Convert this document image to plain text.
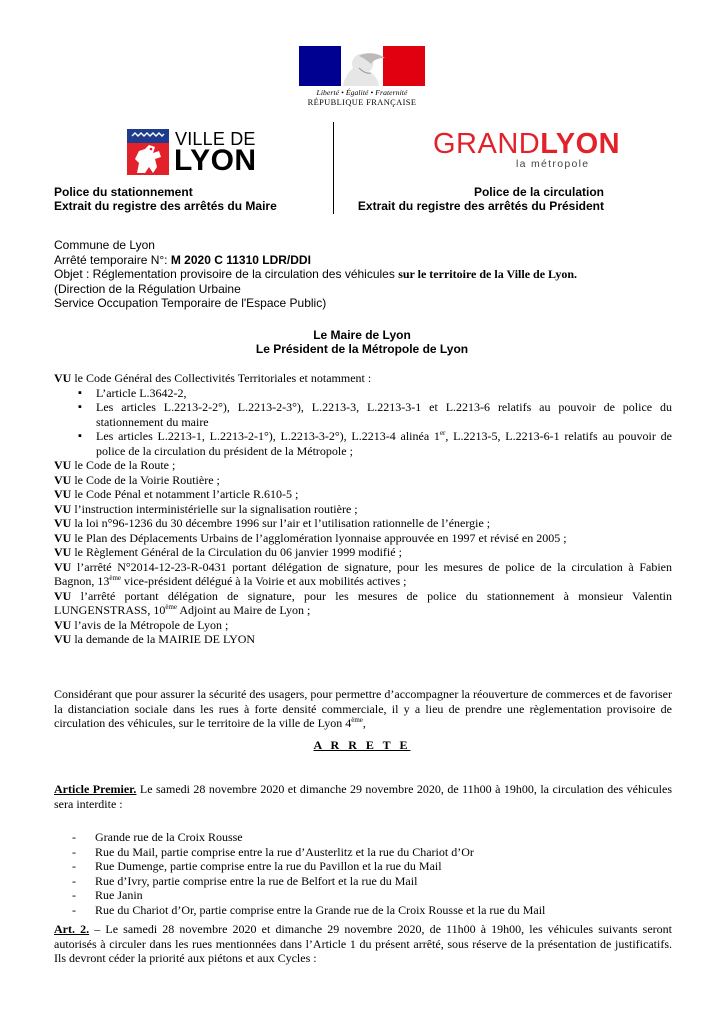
Liberté • Égalité • Fraternité
RÉPUBLIQUE FRANÇAISE
VILLE DE
LYON	GRANDLYON
la métropole
Police du stationnement
Extrait du registre des arrêtés du Maire
Police de la circulation
Extrait du registre des arrêtés du Président
Commune de Lyon
Arrêté temporaire N°: M 2020 C 11310 LDR/DDI
Objet : Réglementation provisoire de la circulation des véhicules sur le territoire de la Ville de Lyon.
(Direction de la Régulation Urbaine
Service Occupation Temporaire de l'Espace Public)
Le Maire de Lyon
Le Président de la Métropole de Lyon

VU le Code Général des Collectivités Territoriales et notamment :

▪ L’article L.3642-2,
▪ Les articles L.2213-2-2°), L.2213-2-3°), L.2213-3, L.2213-3-1 et L.2213-6 relatifs au pouvoir de police du stationnement du maire
▪ Les articles L.2213-1, L.2213-2-1°), L.2213-3-2°), L.2213-4 alinéa 1er, L.2213-5, L.2213-6-1 relatifs au pouvoir de police de la circulation du président de la Métropole ;

VU le Code de la Route ;

VU le Code de la Voirie Routière ;

VU le Code Pénal et notamment l’article R.610-5 ;

VU l’instruction interministérielle sur la signalisation routière ;

VU la loi n°96-1236 du 30 décembre 1996 sur l’air et l’utilisation rationnelle de l’énergie ;

VU le Plan des Déplacements Urbains de l’agglomération lyonnaise approuvée en 1997 et révisé en 2005 ;

VU le Règlement Général de la Circulation du 06 janvier 1999 modifié ;

VU l’arrêté N°2014-12-23-R-0431 portant délégation de signature, pour les mesures de police de la circulation à Fabien Bagnon, 13ème vice-président délégué à la Voirie et aux mobilités actives ;

VU l’arrêté portant délégation de signature, pour les mesures de police du stationnement à monsieur Valentin LUNGENSTRASS, 10ème Adjoint au Maire de Lyon ;

VU l’avis de la Métropole de Lyon ;

VU la demande de la MAIRIE DE LYON

Considérant que pour assurer la sécurité des usagers, pour permettre d’accompagner la réouverture de commerces et de favoriser la distanciation sociale dans les rues à forte densité commerciale, il y a lieu de prendre une règlementation provisoire de circulation des véhicules, sur le territoire de la ville de Lyon 4ème,

A R R E T E

Article Premier. Le samedi 28 novembre 2020 et dimanche 29 novembre 2020, de 11h00 à 19h00, la circulation des véhicules sera interdite :

- Grande rue de la Croix Rousse
- Rue du Mail, partie comprise entre la rue d’Austerlitz et la rue du Chariot d’Or
- Rue Dumenge, partie comprise entre la rue du Pavillon et la rue du Mail
- Rue d’Ivry, partie comprise entre la rue de Belfort et la rue du Mail
- Rue Janin
- Rue du Chariot d’Or, partie comprise entre la Grande rue de la Croix Rousse et la rue du Mail

Art. 2. – Le samedi 28 novembre 2020 et dimanche 29 novembre 2020, de 11h00 à 19h00, les véhicules suivants seront autorisés à circuler dans les rues mentionnées dans l’Article 1 du présent arrêté, sous réserve de la présentation de justificatifs. Ils devront céder la priorité aux piétons et aux Cycles :
